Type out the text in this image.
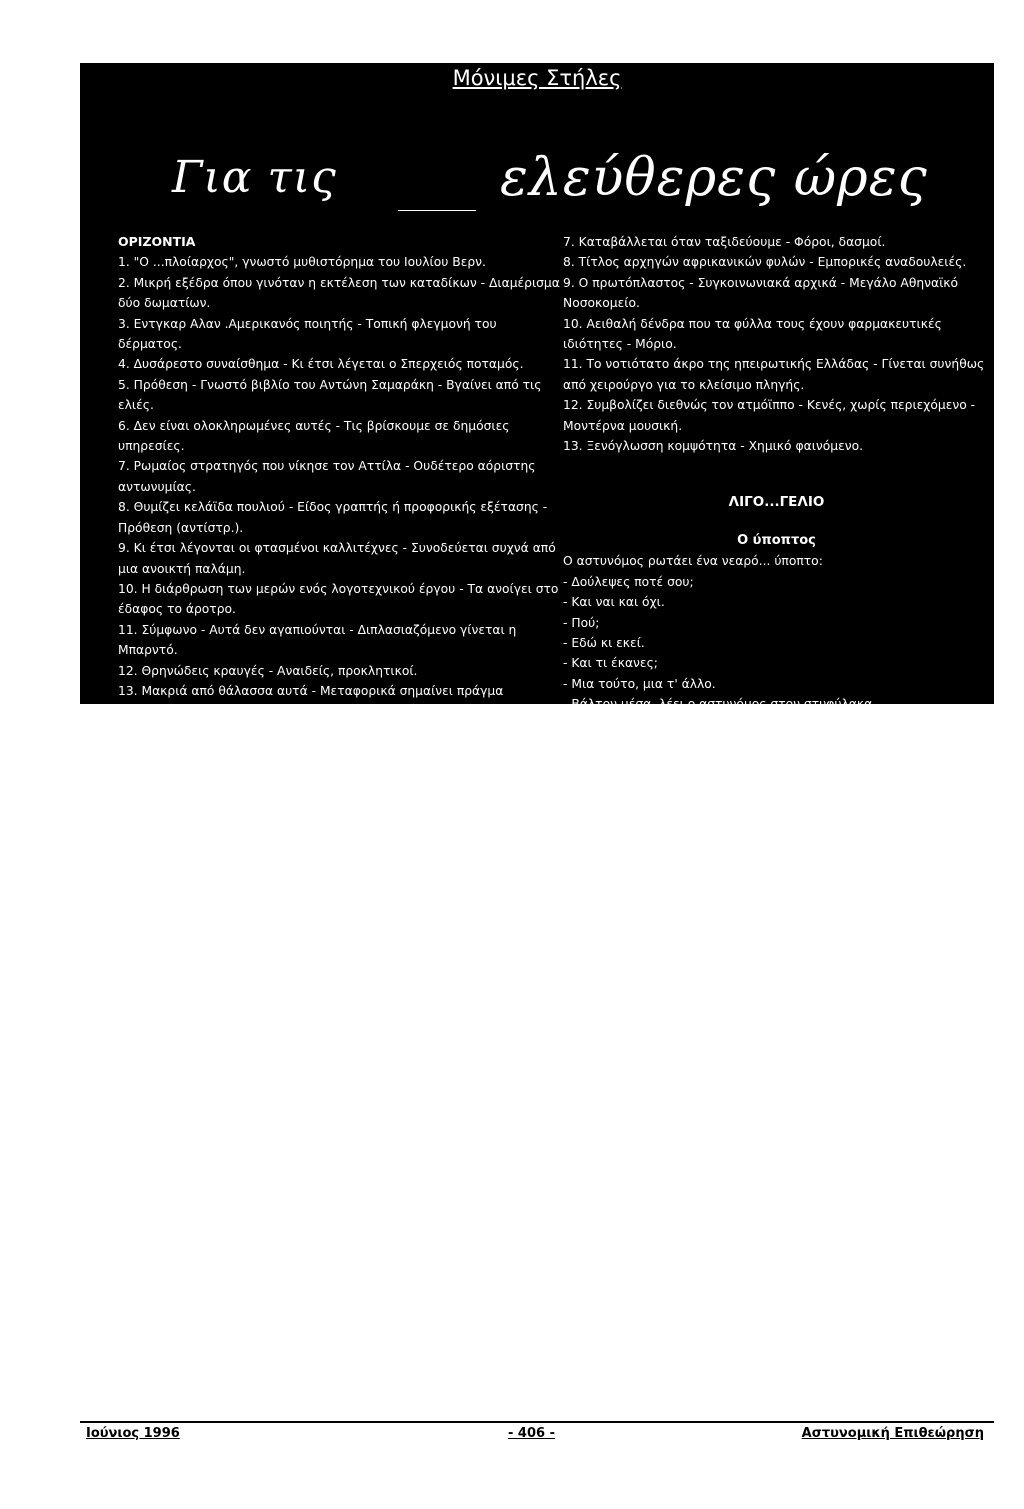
Μόνιμες Στήλες
Για τις	ελεύθερες ώρες

ΟΡΙΖΟΝΤΙΑ

1. "Ο ...πλοίαρχος", γνωστό μυθιστόρημα του Ιουλίου Βερν.

2. Μικρή εξέδρα όπου γινόταν η εκτέλεση των καταδίκων - Διαμέρισμα δύο δωματίων.

3. Εντγκαρ Αλαν .Αμερικανός ποιητής - Τοπική φλεγμονή του δέρματος.

4. Δυσάρεστο συναίσθημα - Κι έτσι λέγεται ο Σπερχειός ποταμός.

5. Πρόθεση - Γνωστό βιβλίο του Αντώνη Σαμαράκη - Βγαίνει από τις ελιές.

6. Δεν είναι ολοκληρωμένες αυτές - Τις βρίσκουμε σε δημόσιες υπηρεσίες.

7. Ρωμαίος στρατηγός που νίκησε τον Αττίλα - Ουδέτερο αόριστης αντωνυμίας.

8. Θυμίζει κελάϊδα πουλιού - Είδος γραπτής ή προφορικής εξέτασης - Πρόθεση (αντίστρ.).

9. Κι έτσι λέγονται οι φτασμένοι καλλιτέχνες - Συνοδεύεται συχνά από μια ανοικτή παλάμη.

10. Η διάρθρωση των μερών ενός λογοτεχνικού έργου - Τα ανοίγει στο έδαφος το άροτρο.

11. Σύμφωνο - Αυτά δεν αγαπιούνται - Διπλασιαζόμενο γίνεται η Μπαρντό.

12. Θρηνώδεις κραυγές - Αναιδείς, προκλητικοί.

13. Μακριά από θάλασσα αυτά - Μεταφορικά σημαίνει πράγμα διαλογής.

ΚΑΘΕΤΑ

1. Είναι ο απόφοιτος Πανεπιστημίου ή άλλης ανώτερης Σχολής.

2. Αυτές που γίνονται με τη θέληση κάποιου - Μαζί με το πι δηλώνει βιασύνη.

3. Είδος ελαστικής σόλας - Πυκνές και άταχτες ομάδες ανθρώπων - Αρχαίο βεβαιωτικό μόριο.

4. Δίψηφο φωνήεν - Οι κάτοικοι ενός Πελοποννησιακού νομού - Μάρκα αγγλικών τσιγάρων.

5. Ρωτάει για τον τρόπο - Μεγάλοι ποντικοί αγρών.

6. Αυτό που υποκινείται από εχρικό πάθος, μίσος - Αρχαία χώρα της Μ. Ασίας.

©	1	2	3	4	5	6	7	8	9	10	11	12	13
1													
2								©					
3				©						©			
4					©						©		
5			©					©					
6						©							
7						©							
8					©					©			
9		©						©					
10										©			
11			©						©				
12		©				©							
13								©					

7. Καταβάλλεται όταν ταξιδεύουμε - Φόροι, δασμοί.

8. Τίτλος αρχηγών αφρικανικών φυλών - Εμπορικές αναδουλειές.

9. Ο πρωτόπλαστος - Συγκοινωνιακά αρχικά - Μεγάλο Αθηναϊκό Νοσοκομείο.

10. Αειθαλή δένδρα που τα φύλλα τους έχουν φαρμακευτικές ιδιότητες - Μόριο.

11. Το νοτιότατο άκρο της ηπειρωτικής Ελλάδας - Γίνεται συνήθως από χειρούργο για το κλείσιμο πληγής.

12. Συμβολίζει διεθνώς τον ατμόϊππο - Κενές, χωρίς περιεχόμενο - Μοντέρνα μουσική.

13. Ξενόγλωσση κομψότητα - Χημικό φαινόμενο.

ΛΙΓΟ...ΓΕΛΙΟ

Ο ύποπτος

Ο αστυνόμος ρωτάει ένα νεαρό... ύποπτο:

- Δούλεψες ποτέ σου;

- Και ναι και όχι.

- Πού;

- Εδώ κι εκεί.

- Και τι έκανες;

- Μια τούτο, μια τ' άλλο.

- Βάλτον μέσα, λέει ο αστυνόμος στον στυφύλακα.

- Και πότε θαβγω; ρωτάει ο ύποπτος.

- Αργά ή γρήγορα! απαντά ο αστυνόμος.

Αστακοί...

Κάποτε ένας άσχετος από ψάρια και θαλασσινά, πάει στον ψαρά και ρωτάει:

- Τί είναι αυτά;

- Γαύρος!

- Κι αυτά;

- Αστακοί!

- Καλά ντε, δεν τα πειράζω!

Οι μεγάλοι...κυνηγοί

Δύο φίλοι, κυνηγοί και μεγάλοι ψεύτες, συζητούν για τα κυνηγετικά τους κατορθώματα:

- Μια μέρα, λέει ο ένας, σκότωσα ένα λαγό που ζύγιζε 7 κιλά!

- Κι εγώ λέει ο άλλος, σκότωσα ένα λαγό 10 κιλά!

- Μα υπάρχει λαγός τόσο μεγάλος; ρωτά ο φίλος του.

- Ξέρεις θα ήταν η μάνα του λαγού που σκότωσες εσύ!!!

Επιμέλεια: Ανθ/μος Κων/νος Κατσινούλας

ΛΥΣΗ

ΟΡΙΖΟΝΤΙΑ: 1. ΑΓΝΩΣΤΟΣ 2. ΙΚΡΙΩΜΑ - ΔΥΑΡΙ 3. ΠΟΕ - ΕΞΑΡΚΙ 4. ΑΠΩΑ - ΑΛΑΜΑΝΑ 5. ΜΕ - ΑΘΟΟ - ΛΑΔΙ 6. ΜΙΣΕΡΕ - ΟΥΡΕΣ 7. ΑΕΤΙΟ - ΚΑΠΟΙΟ 8. ΤΙΟΥ - ΤΕΣΤ - ΕΜ 9. ΦΙΡΜΕΣ

ΟΣ - ΦΙΛΟΔΩΡΗΜΑ 10. ΠΛΟΚΗ - ΑΥΛΑΚΙΑ 11. ΜΑΙ - ΗΤΤΕΣ - ΜΠΕ 12. ΟΧΟΝΕ - ΞΑΔΙΑΝΤΡΟΙ 13. ΠΕΔΙΝΑ - ΣΚΑΡΤΑ

ΚΑΘΕΤΑ: 1. ΠΤΥΧΙΟΥΧΟΣ 2. ΕΚΟΥΣΙΕΣ 3. ΚΡΕΠ - ΣΤΙΦΗ - ΓΕ 4. ΑΙ - ΗΛΕΙΟΙ - ΜΟΡΙΣ 5. ΠΩΣ

- ΑΡΟΥΡΑΙΟΙ 6. ΕΜΠΑΘΕΣ - ΜΥΣΙΑ 7. ΝΑΟΥΛΟ - ΤΕΛΗ 8. ΡΑΣ - ΚΕΣΑΤΖΕΣ 9. ΑΔΑΜ - ΟΑΣΑ - ΚΑΤ. 10

ΕΥΚΑΛΥΠΤΟΙ - ΑΜ. 11. ΤΑΙΝΑΡΟ - ΡΑΜΜΑ 12. ΗΡ - ΑΔΕΙΕΣ - ΠΟΠ 13. ΣΙΚ - ΙΣΟΜΕΡΕΙΑ

Ιούνιος 1996	- 406 -	Αστυνομική Επιθεώρηση
